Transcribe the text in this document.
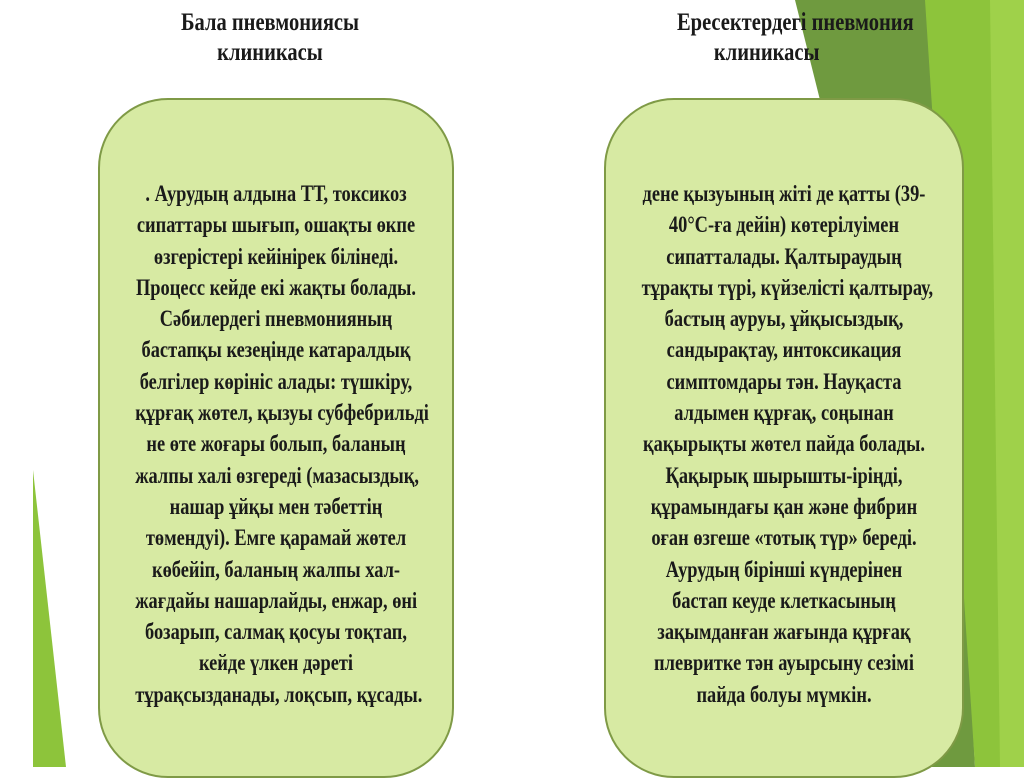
Бала пневмониясы
клиникасы
Ересектердегі пневмония
клиникасы
. Аурудың алдына ТТ, токсикоз
сипаттары шығып, ошақты өкпе
өзгерістері кейінірек білінеді.
Процесс кейде екі жақты болады.
Сәбилердегі пневмонияның
бастапқы кезеңінде катаралдық
белгілер көрініс алады: түшкіру,
құрғақ жөтел, қызуы субфебрильді
не өте жоғары болып, баланың
жалпы халі өзгереді (мазасыздық,
нашар ұйқы мен тәбеттің
төмендуі). Емге қарамай жөтел
көбейіп, баланың жалпы хал-
жағдайы нашарлайды, енжар, өні
бозарып, салмақ қосуы тоқтап,
кейде үлкен дәреті
тұрақсызданады, лоқсып, құсады.
дене қызуының жіті де қатты (39-
40°С-ға дейін) көтерілуімен
сипатталады. Қалтыраудың
тұрақты түрі, күйзелісті қалтырау,
бастың ауруы, ұйқысыздық,
сандырақтау, интоксикация
симптомдары тән. Науқаста
алдымен құрғақ, соңынан
қақырықты жөтел пайда болады.
Қақырық шырышты-іріңді,
құрамындағы қан және фибрин
оған өзгеше «тотық түр» береді.
Аурудың бірінші күндерінен
бастап кеуде клеткасының
зақымданған жағында құрғақ
плевритке тән ауырсыну сезімі
пайда болуы мүмкін.
